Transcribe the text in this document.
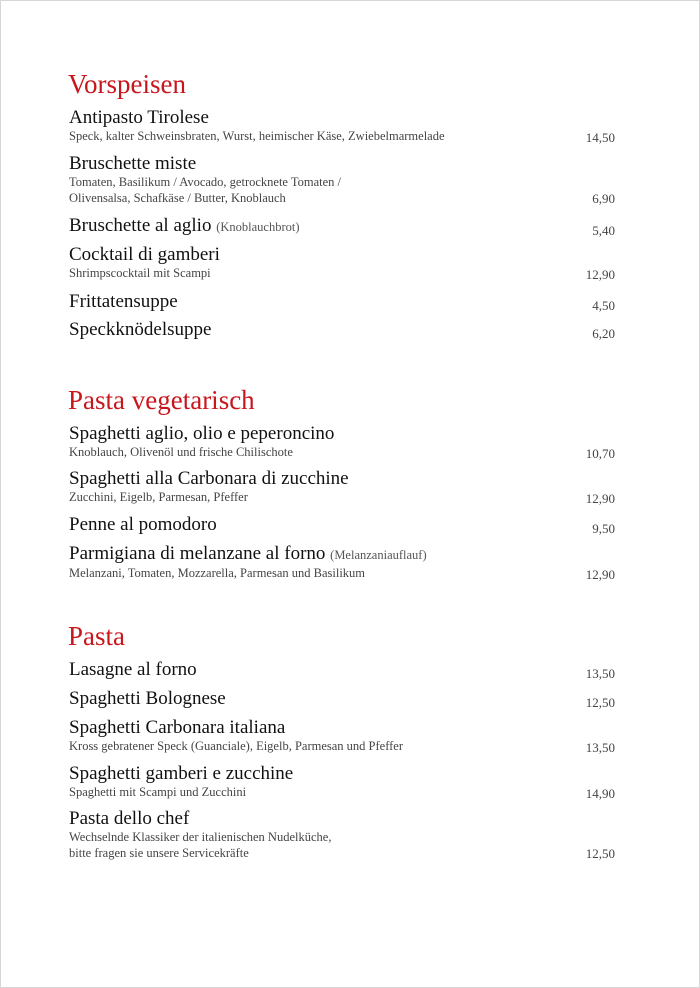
Vorspeisen
Antipasto Tirolese
Speck, kalter Schweinsbraten, Wurst, heimischer Käse, Zwiebelmarmelade	14,50
Bruschette miste
Tomaten, Basilikum / Avocado, getrocknete Tomaten /
Olivensalsa, Schafkäse / Butter, Knoblauch	6,90
Bruschette al aglio (Knoblauchbrot)	5,40
Cocktail di gamberi
Shrimpscocktail mit Scampi	12,90
Frittatensuppe	4,50
Speckknödelsuppe	6,20
Pasta vegetarisch
Spaghetti aglio, olio e peperoncino
Knoblauch, Olivenöl und frische Chilischote	10,70
Spaghetti alla Carbonara di zucchine
Zucchini, Eigelb, Parmesan, Pfeffer	12,90
Penne al pomodoro	9,50
Parmigiana di melanzane al forno (Melanzaniauflauf)
Melanzani, Tomaten, Mozzarella, Parmesan und Basilikum	12,90
Pasta
Lasagne al forno	13,50
Spaghetti Bolognese	12,50
Spaghetti Carbonara italiana
Kross gebratener Speck (Guanciale), Eigelb, Parmesan und Pfeffer	13,50
Spaghetti gamberi e zucchine
Spaghetti mit Scampi und Zucchini	14,90
Pasta dello chef
Wechselnde Klassiker der italienischen Nudelküche,
bitte fragen sie unsere Servicekräfte	12,50
